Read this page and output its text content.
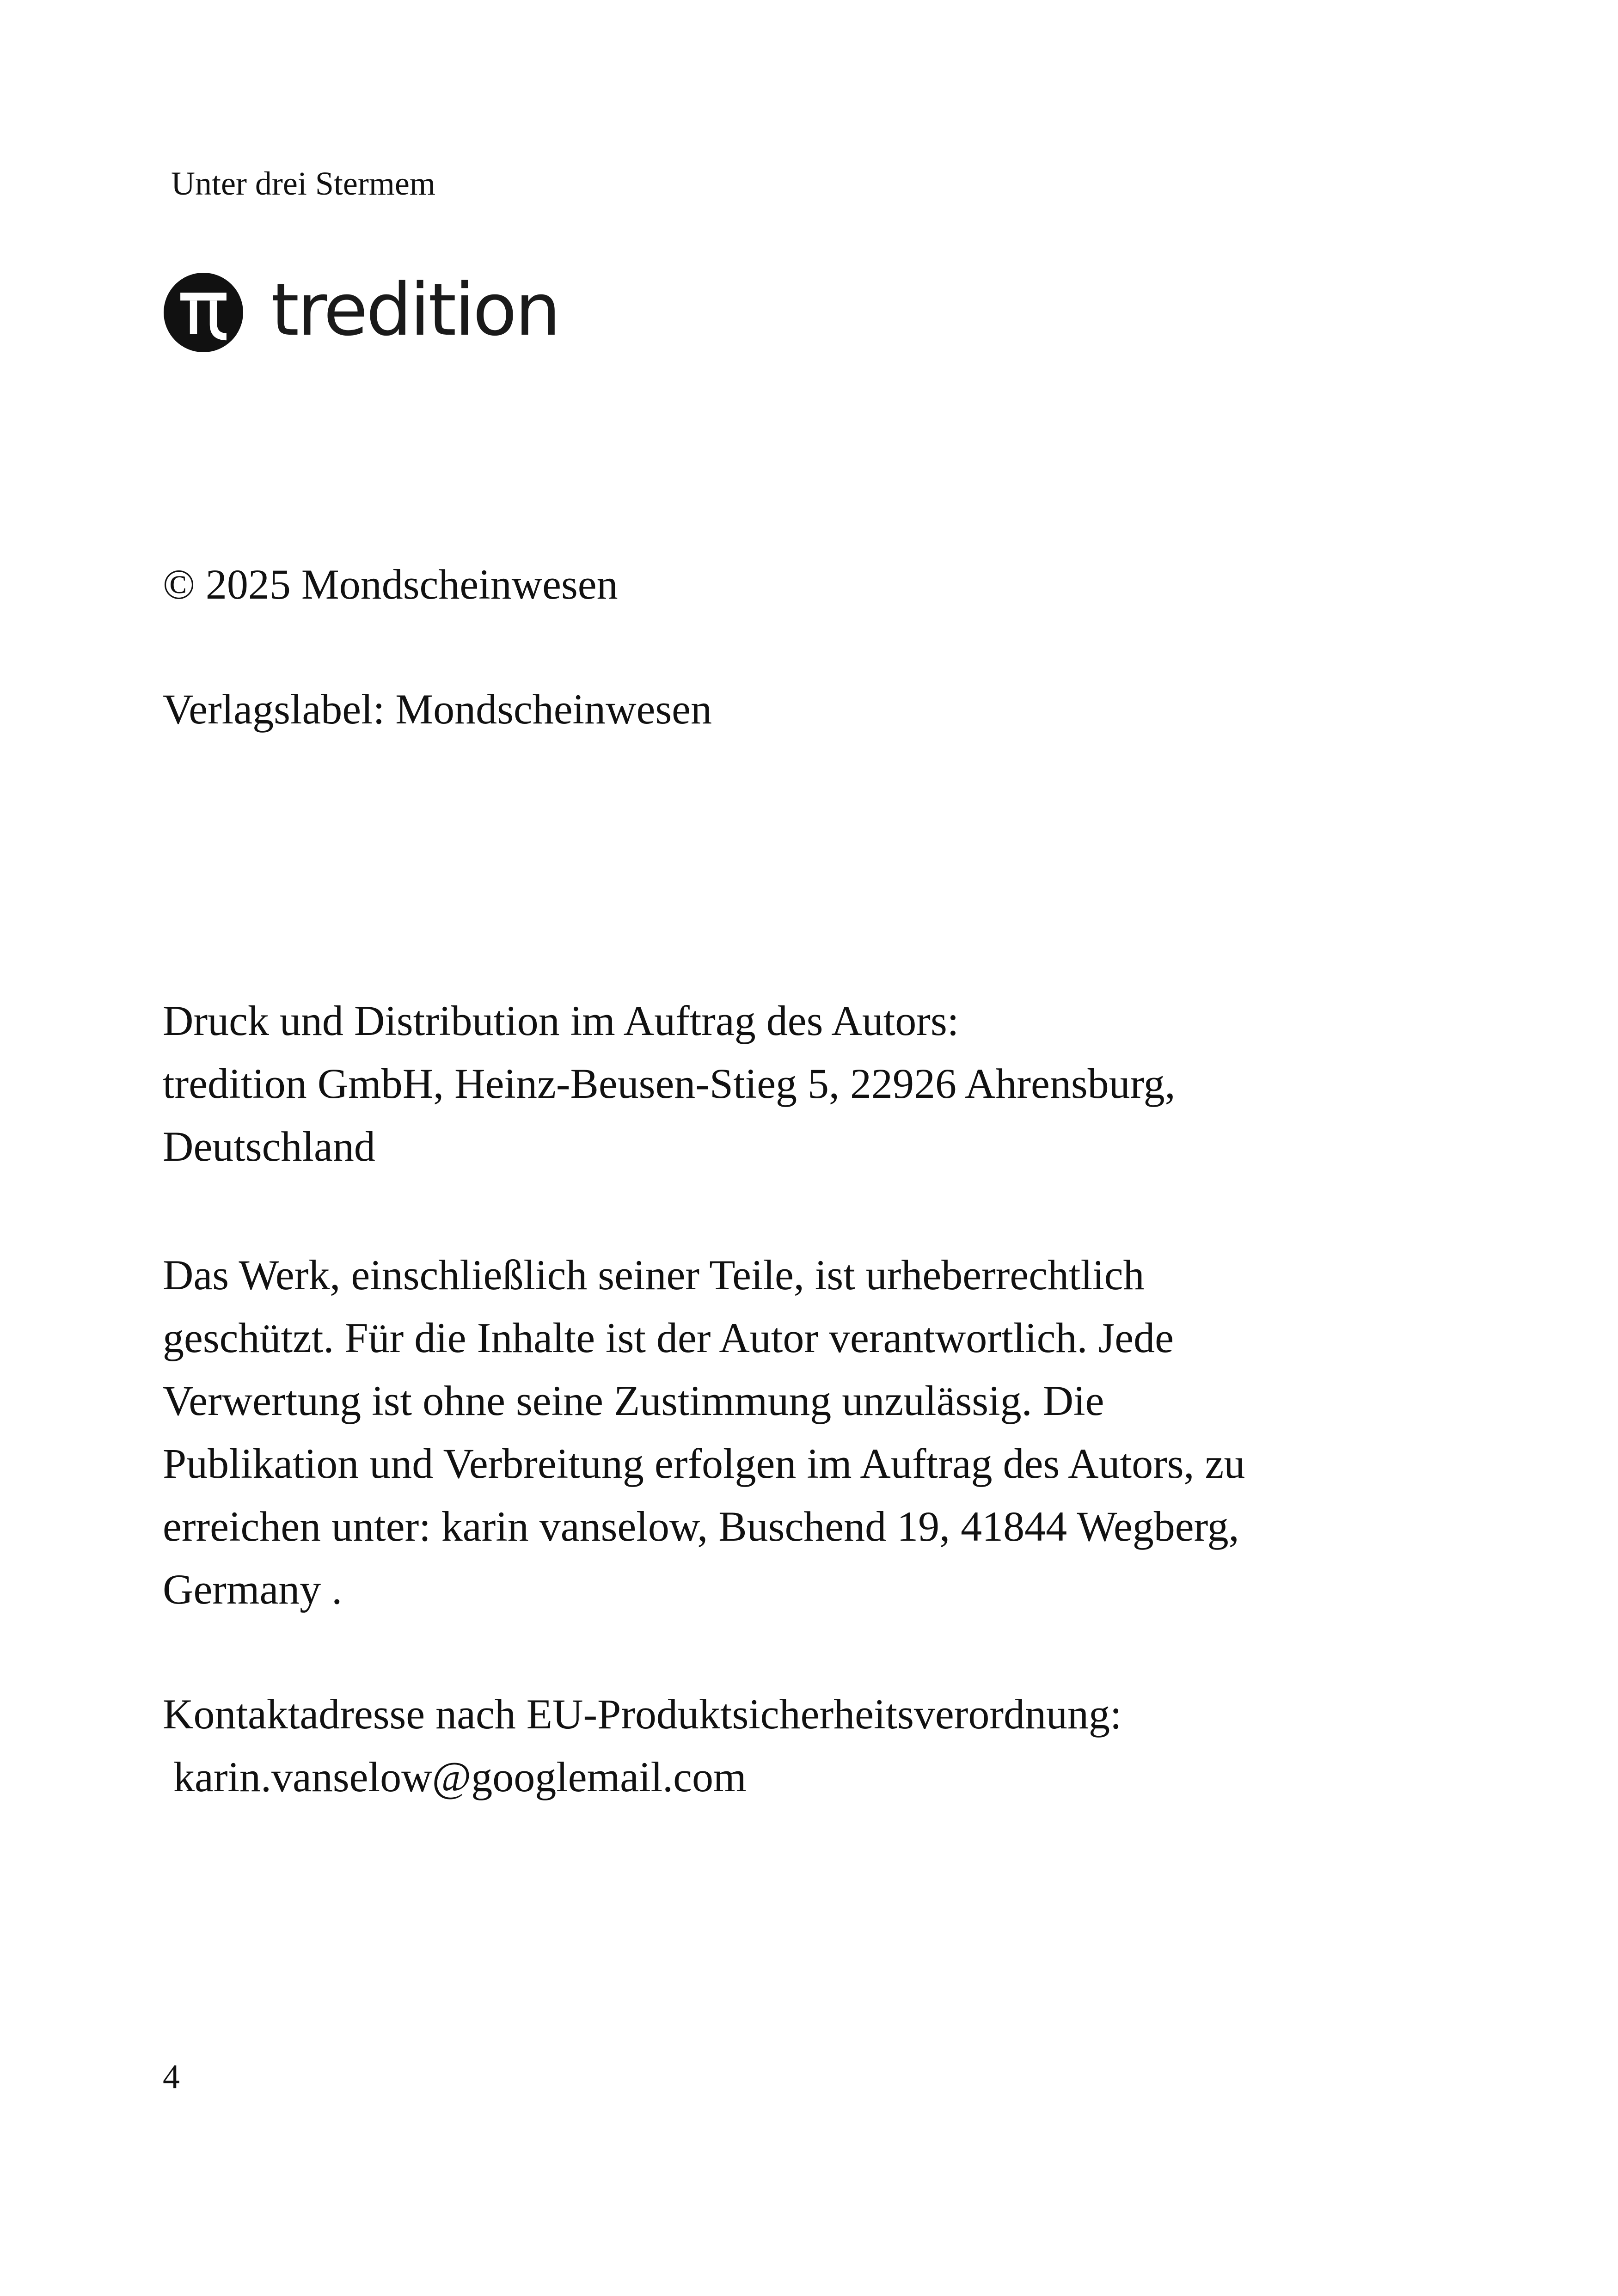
Unter drei Stermem
tredition
© 2025 Mondscheinwesen
Verlagslabel: Mondscheinwesen
Druck und Distribution im Auftrag des Autors:
tredition GmbH, Heinz-Beusen-Stieg 5, 22926 Ahrensburg,
Deutschland
Das Werk, einschließlich seiner Teile, ist urheberrechtlich
geschützt. Für die Inhalte ist der Autor verantwortlich. Jede
Verwertung ist ohne seine Zustimmung unzulässig. Die
Publikation und Verbreitung erfolgen im Auftrag des Autors, zu
erreichen unter: karin vanselow, Buschend 19, 41844 Wegberg,
Germany .
Kontaktadresse nach EU-Produktsicherheitsverordnung:
karin.vanselow@googlemail.com
4
